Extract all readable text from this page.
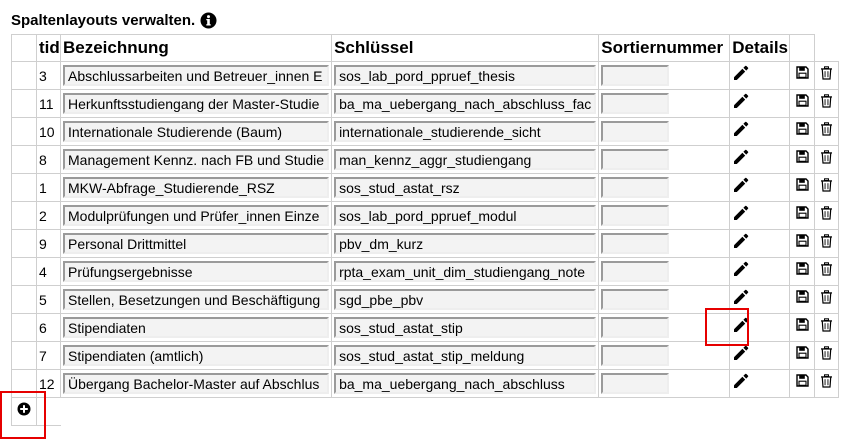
Spaltenlayouts verwalten.
	tid	Bezeichnung	Schlüssel	Sortiernummer	Details		
	3	Abschlussarbeiten und Betreuer_innen E	sos_lab_pord_ppruef_thesis

	11	Herkunftsstudiengang der Master-Studie	ba_ma_uebergang_nach_abschluss_fac

	10	Internationale Studierende (Baum)	internationale_studierende_sicht

	8	Management Kennz. nach FB und Studie	man_kennz_aggr_studiengang

	1	MKW-Abfrage_Studierende_RSZ	sos_stud_astat_rsz

	2	Modulprüfungen und Prüfer_innen Einze	sos_lab_pord_ppruef_modul

	9	Personal Drittmittel	pbv_dm_kurz

	4	Prüfungsergebnisse	rpta_exam_unit_dim_studiengang_note

	5	Stellen, Besetzungen und Beschäftigung	sgd_pbe_pbv

	6	Stipendiaten	sos_stud_astat_stip

	7	Stipendiaten (amtlich)	sos_stud_astat_stip_meldung

	12	Übergang Bachelor-Master auf Abschlus	ba_ma_uebergang_nach_abschluss
